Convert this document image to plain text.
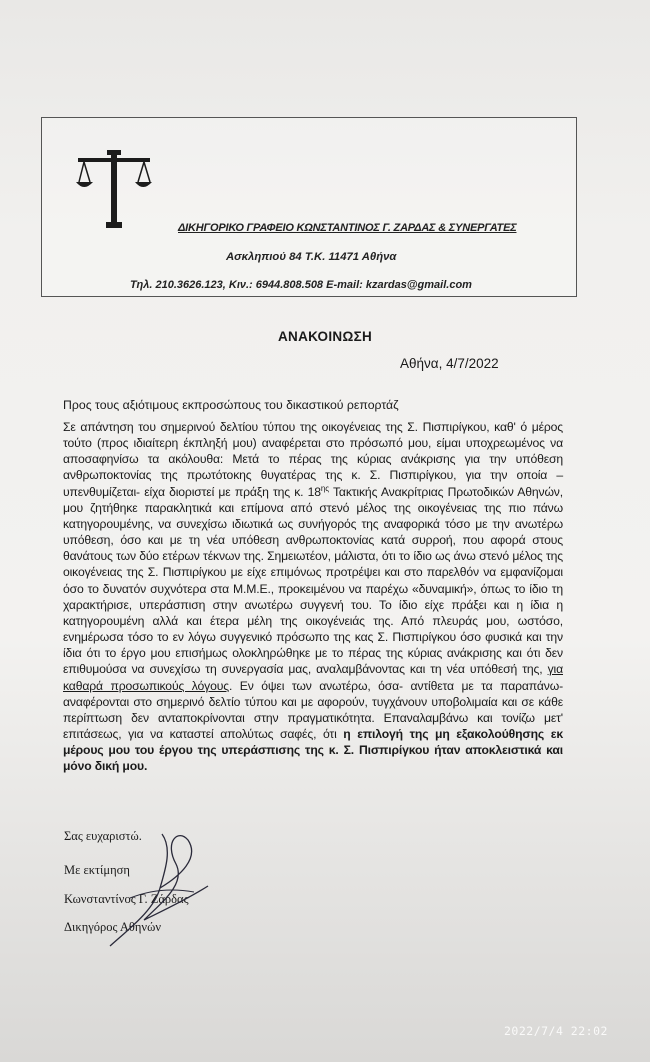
ΔΙΚΗΓΟΡΙΚΟ ΓΡΑΦΕΙΟ ΚΩΝΣΤΑΝΤΙΝΟΣ Γ. ΖΑΡΔΑΣ & ΣΥΝΕΡΓΑΤΕΣ
Ασκληπιού 84 Τ.Κ. 11471 Αθήνα
Τηλ. 210.3626.123, Κιν.: 6944.808.508 E-mail: kzardas@gmail.com
ΑΝΑΚΟΙΝΩΣΗ
Αθήνα, 4/7/2022
Προς τους αξιότιμους εκπροσώπους του δικαστικού ρεπορτάζ
Σε απάντηση του σημερινού δελτίου τύπου της οικογένειας της Σ. Πισπιρίγκου, καθ' ό μέρος τούτο (προς ιδιαίτερη έκπληξή μου) αναφέρεται στο πρόσωπό μου, είμαι υποχρεωμένος να αποσαφηνίσω τα ακόλουθα: Μετά το πέρας της κύριας ανάκρισης για την υπόθεση ανθρωποκτονίας της πρωτότοκης θυγατέρας της κ. Σ. Πισπιρίγκου, για την οποία –υπενθυμίζεται- είχα διοριστεί με πράξη της κ. $18^{\eta\varsigma}$ Τακτικής Ανακρίτριας Πρωτοδικών Αθηνών, μου ζητήθηκε παρακλητικά και επίμονα από στενό μέλος της οικογένειας της πιο πάνω κατηγορουμένης, να συνεχίσω ιδιωτικά ως συνήγορός της αναφορικά τόσο με την ανωτέρω υπόθεση, όσο και με τη νέα υπόθεση ανθρωποκτονίας κατά συρροή, που αφορά στους θανάτους των δύο ετέρων τέκνων της. Σημειωτέον, μάλιστα, ότι το ίδιο ως άνω στενό μέλος της οικογένειας της Σ. Πισπιρίγκου με είχε επιμόνως προτρέψει και στο παρελθόν να εμφανίζομαι όσο το δυνατόν συχνότερα στα Μ.Μ.Ε., προκειμένου να παρέχω «δυναμική», όπως το ίδιο τη χαρακτήρισε, υπεράσπιση στην ανωτέρω συγγενή του. Το ίδιο είχε πράξει και η ίδια η κατηγορουμένη αλλά και έτερα μέλη της οικογένειάς της. Από πλευράς μου, ωστόσο, ενημέρωσα τόσο το εν λόγω συγγενικό πρόσωπο της κας Σ. Πισπιρίγκου όσο φυσικά και την ίδια ότι το έργο μου επισήμως ολοκληρώθηκε με το πέρας της κύριας ανάκρισης και ότι δεν επιθυμούσα να συνεχίσω τη συνεργασία μας, αναλαμβάνοντας και τη νέα υπόθεσή της, για καθαρά προσωπικούς λόγους. Εν όψει των ανωτέρω, όσα- αντίθετα με τα παραπάνω- αναφέρονται στο σημερινό δελτίο τύπου και με αφορούν, τυγχάνουν υποβολιμαία και σε κάθε περίπτωση δεν ανταποκρίνονται στην πραγματικότητα. Επαναλαμβάνω και τονίζω μετ' επιτάσεως, για να καταστεί απολύτως σαφές, ότι η επιλογή της μη εξακολούθησης εκ μέρους μου του έργου της υπεράσπισης της κ. Σ. Πισπιρίγκου ήταν αποκλειστικά και μόνο δική μου.
Σας ευχαριστώ.
Με εκτίμηση
Κωνσταντίνος Γ. Ζάρδας
Δικηγόρος Αθηνών
2022/7/4 22:02
